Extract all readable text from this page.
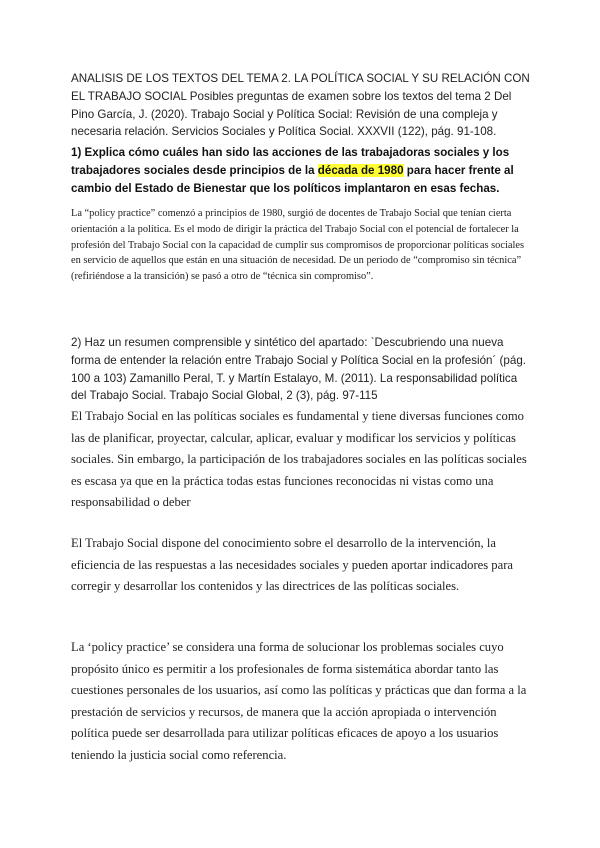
ANALISIS DE LOS TEXTOS DEL TEMA 2. LA POLÍTICA SOCIAL Y SU RELACIÓN CON EL TRABAJO SOCIAL Posibles preguntas de examen sobre los textos del tema 2 Del Pino García, J. (2020). Trabajo Social y Política Social: Revisión de una compleja y necesaria relación. Servicios Sociales y Política Social. XXXVII (122), pág. 91-108.

1) Explica cómo cuáles han sido las acciones de las trabajadoras sociales y los trabajadores sociales desde principios de la década de 1980 para hacer frente al cambio del Estado de Bienestar que los políticos implantaron en esas fechas.

La “policy practice” comenzó a principios de 1980, surgió de docentes de Trabajo Social que tenían cierta orientación a la política. Es el modo de dirigir la práctica del Trabajo Social con el potencial de fortalecer la profesión del Trabajo Social con la capacidad de cumplir sus compromisos de proporcionar políticas sociales en servicio de aquellos que están en una situación de necesidad. De un periodo de “compromiso sin técnica” (refiriéndose a la transición) se pasó a otro de “técnica sin compromiso”.

2) Haz un resumen comprensible y sintético del apartado: `Descubriendo una nueva forma de entender la relación entre Trabajo Social y Política Social en la profesión´ (pág. 100 a 103) Zamanillo Peral, T. y Martín Estalayo, M. (2011). La responsabilidad política del Trabajo Social. Trabajo Social Global, 2 (3), pág. 97-115

El Trabajo Social en las políticas sociales es fundamental y tiene diversas funciones como las de planificar, proyectar, calcular, aplicar, evaluar y modificar los servicios y políticas sociales. Sin embargo, la participación de los trabajadores sociales en las políticas sociales es escasa ya que en la práctica todas estas funciones reconocidas ni vistas como una responsabilidad o deber

El Trabajo Social dispone del conocimiento sobre el desarrollo de la intervención, la eficiencia de las respuestas a las necesidades sociales y pueden aportar indicadores para corregir y desarrollar los contenidos y las directrices de las políticas sociales.

La ‘policy practice’ se considera una forma de solucionar los problemas sociales cuyo propósito único es permitir a los profesionales de forma sistemática abordar tanto las cuestiones personales de los usuarios, así como las políticas y prácticas que dan forma a la prestación de servicios y recursos, de manera que la acción apropiada o intervención política puede ser desarrollada para utilizar políticas eficaces de apoyo a los usuarios teniendo la justicia social como referencia.
